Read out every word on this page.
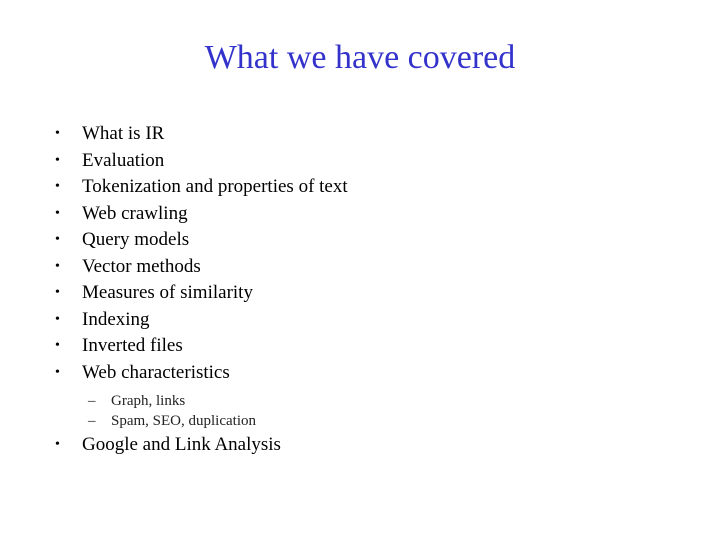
What we have covered
•	What is IR
•	Evaluation
•	Tokenization and properties of text
•	Web crawling
•	Query models
•	Vector methods
•	Measures of similarity
•	Indexing
•	Inverted files
•	Web characteristics
–	Graph, links
–	Spam, SEO, duplication
•	Google and Link Analysis
